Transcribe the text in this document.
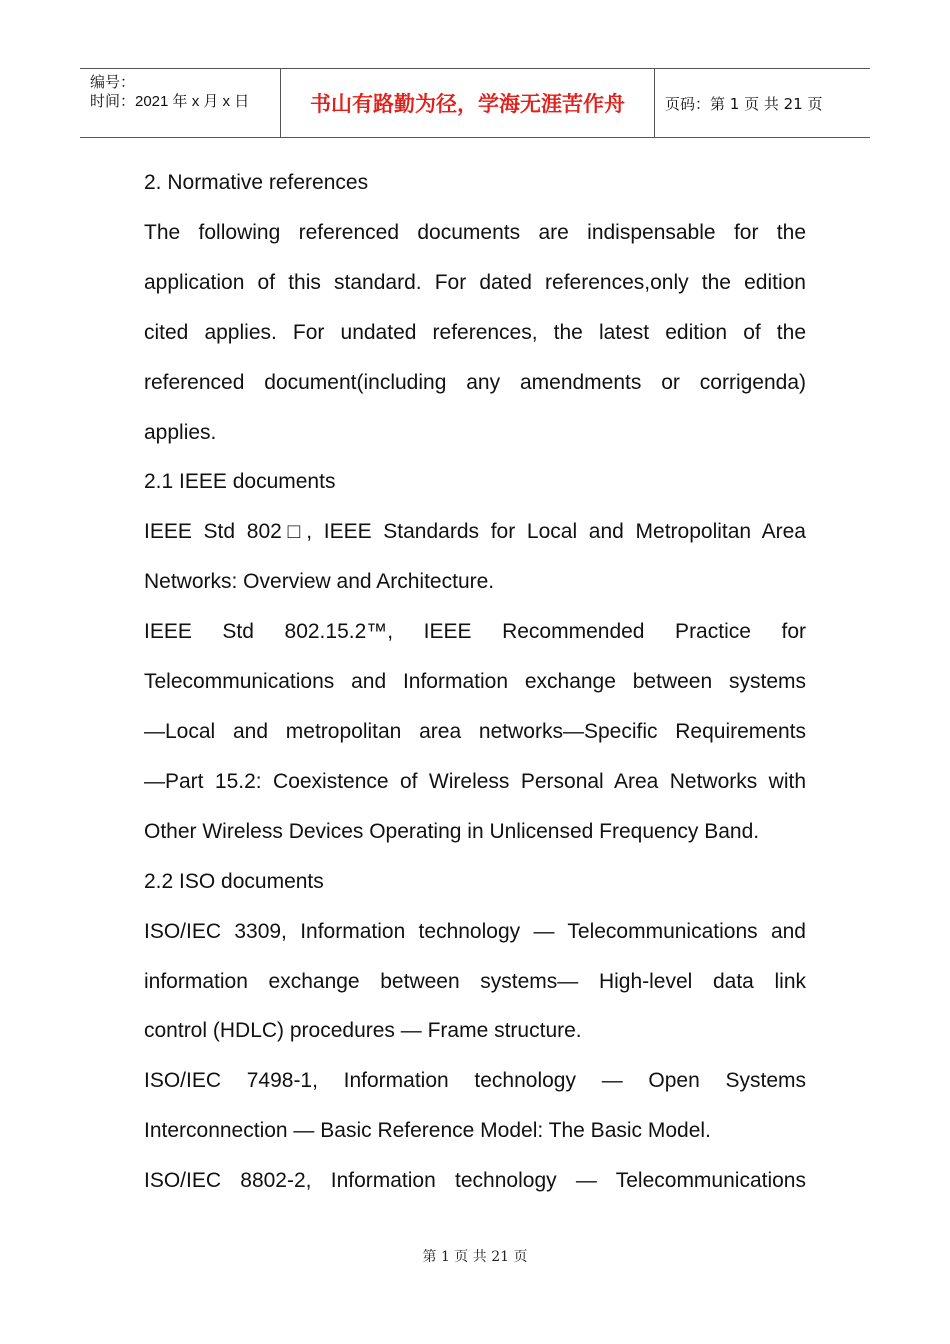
编号：
时间：2021 年 x 月 x 日	书山有路勤为径，学海无涯苦作舟	页码：第 1 页 共 21 页

2. Normative references

The following referenced documents are indispensable for the

application of this standard. For dated references,only the edition

cited applies. For undated references, the latest edition of the

referenced document(including any amendments or corrigenda)

applies.

2.1 IEEE documents

IEEE Std 802□, IEEE Standards for Local and Metropolitan Area

Networks: Overview and Architecture.

IEEE Std 802.15.2™, IEEE Recommended Practice for

Telecommunications and Information exchange between systems

—Local and metropolitan area networks—Specific Requirements

—Part 15.2: Coexistence of Wireless Personal Area Networks with

Other Wireless Devices Operating in Unlicensed Frequency Band.

2.2 ISO documents

ISO/IEC 3309, Information technology — Telecommunications and

information exchange between systems— High-level data link

control (HDLC) procedures — Frame structure.

ISO/IEC 7498-1, Information technology — Open Systems

Interconnection — Basic Reference Model: The Basic Model.

ISO/IEC 8802-2, Information technology — Telecommunications

第 1 页 共 21 页
